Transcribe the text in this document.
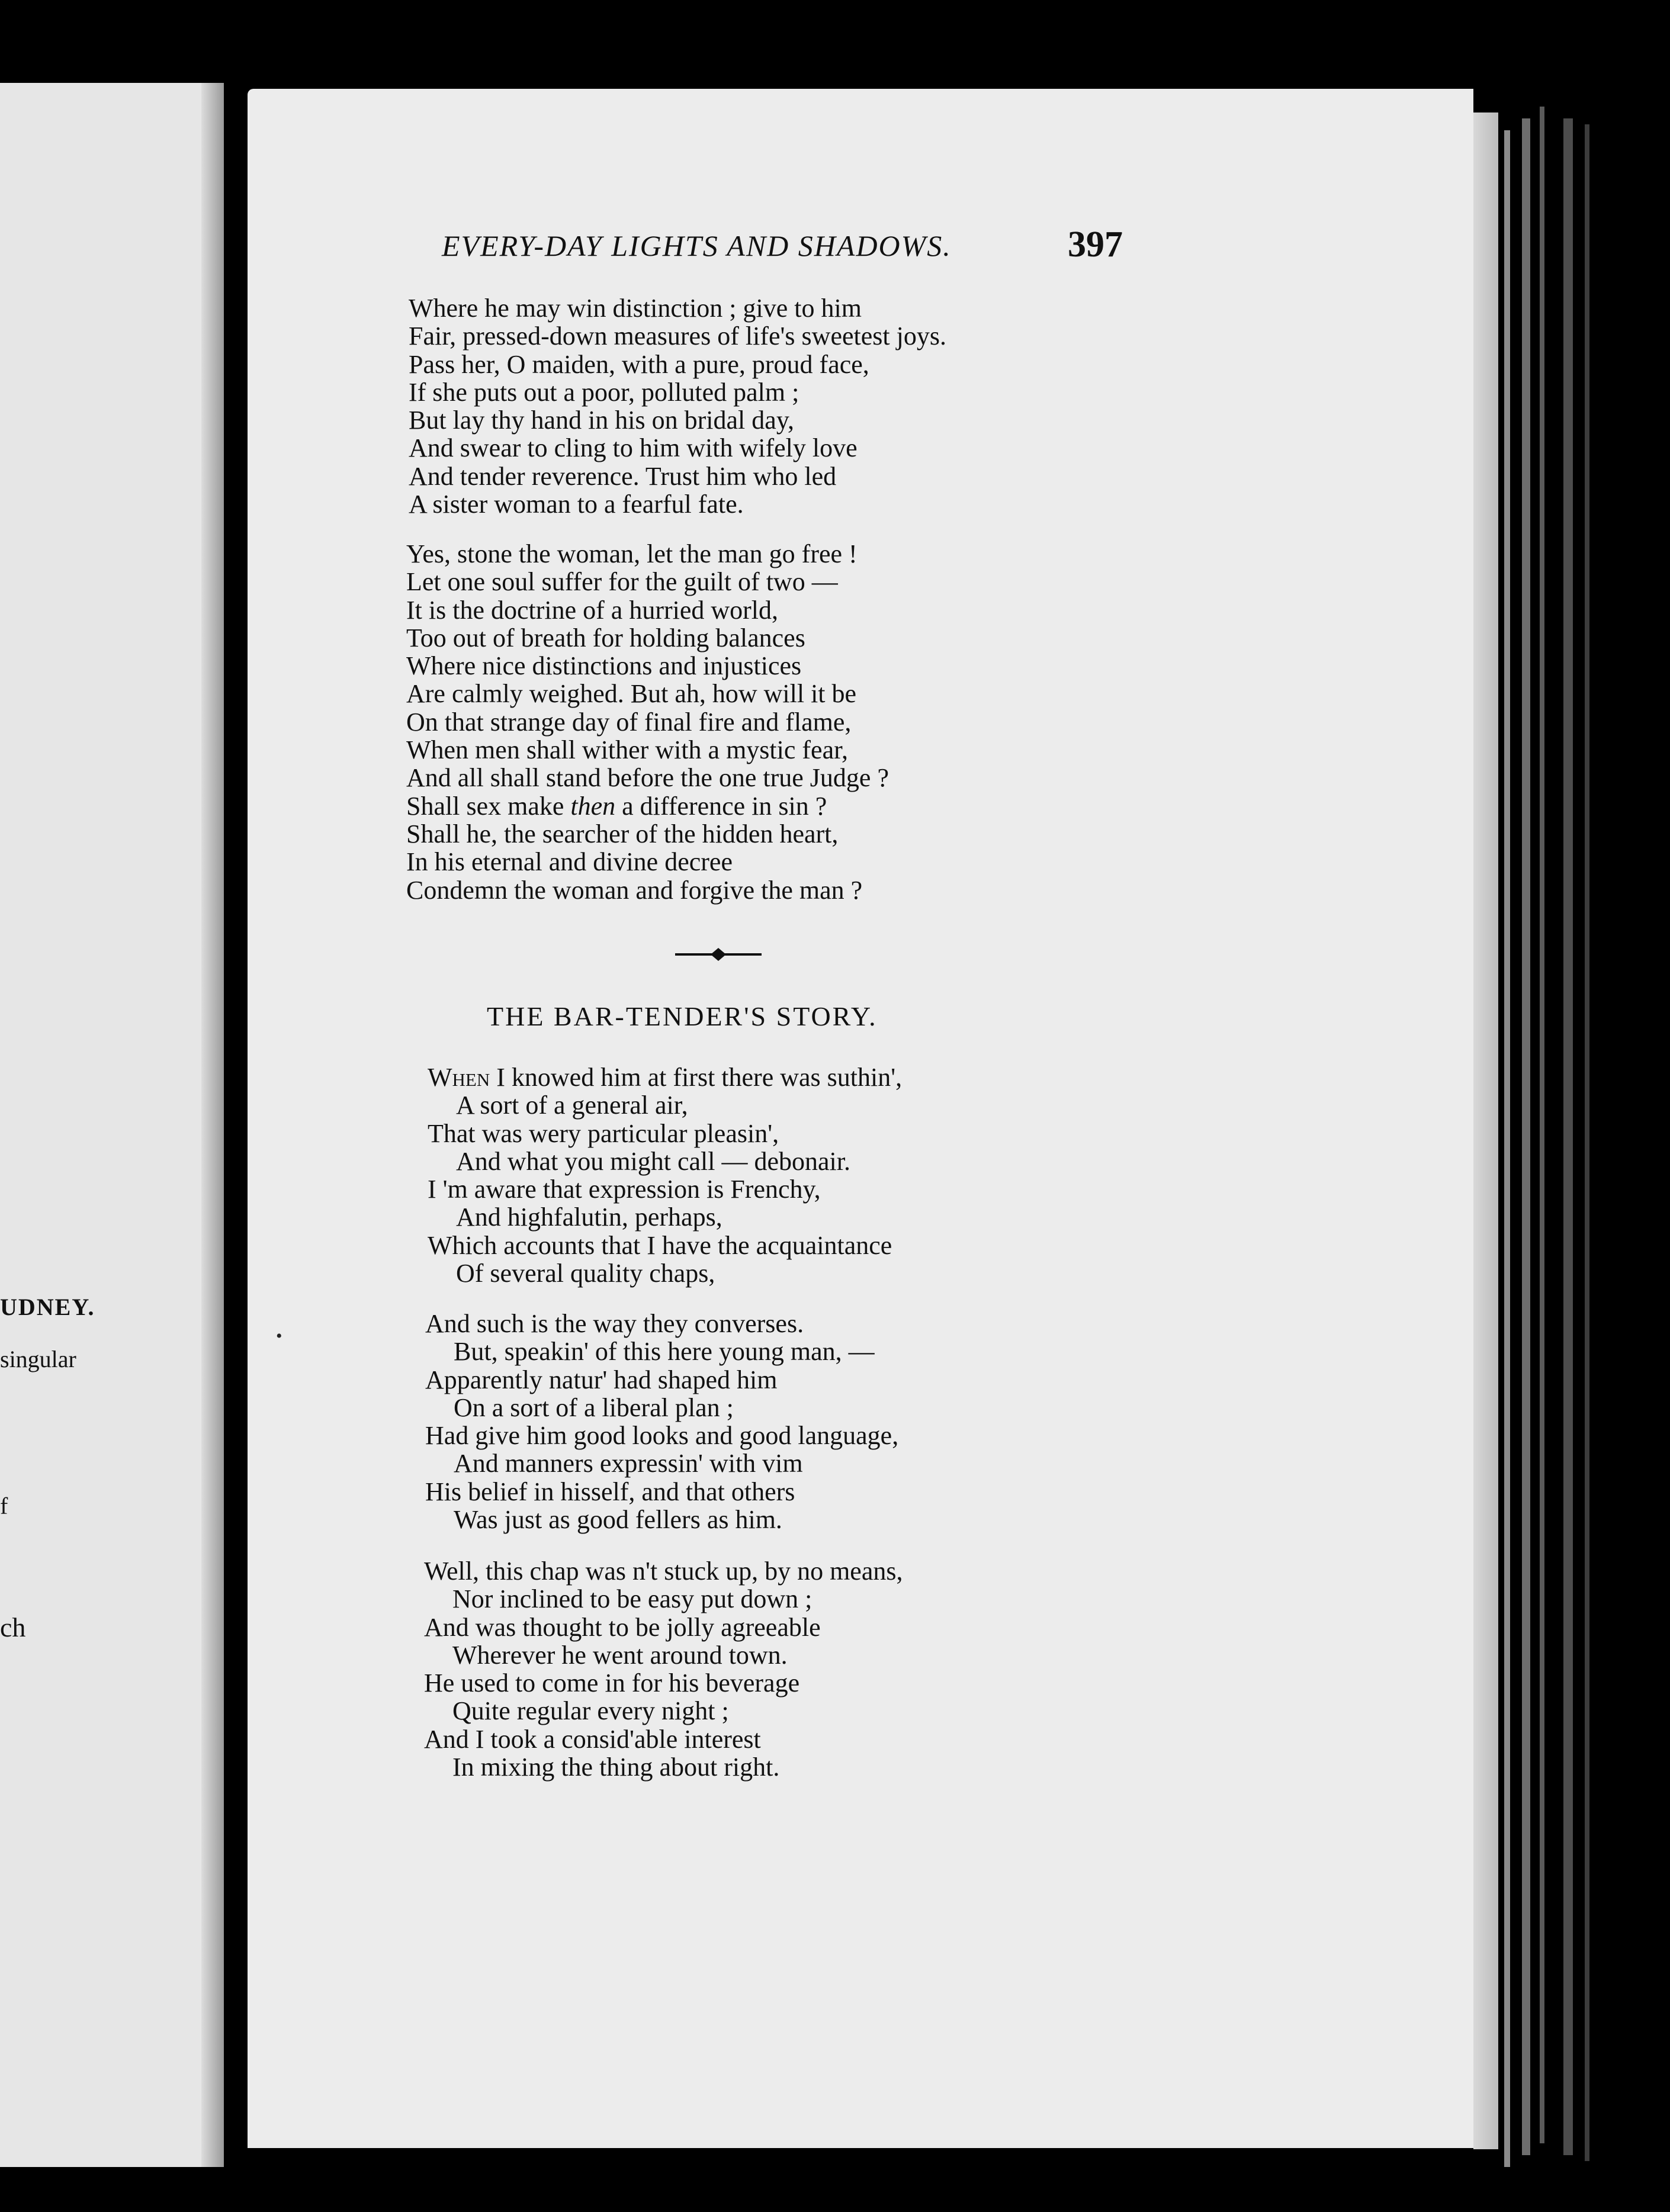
UDNEY.
singular
f
ch
EVERY-DAY LIGHTS AND SHADOWS.	397
Where he may win distinction ; give to him
Fair, pressed-down measures of life's sweetest joys.
Pass her, O maiden, with a pure, proud face,
If she puts out a poor, polluted palm ;
But lay thy hand in his on bridal day,
And swear to cling to him with wifely love
And tender reverence. Trust him who led
A sister woman to a fearful fate.
Yes, stone the woman, let the man go free !
Let one soul suffer for the guilt of two —
It is the doctrine of a hurried world,
Too out of breath for holding balances
Where nice distinctions and injustices
Are calmly weighed. But ah, how will it be
On that strange day of final fire and flame,
When men shall wither with a mystic fear,
And all shall stand before the one true Judge ?
Shall sex make then a difference in sin ?
Shall he, the searcher of the hidden heart,
In his eternal and divine decree
Condemn the woman and forgive the man ?
THE BAR-TENDER'S STORY.
When I knowed him at first there was suthin',
A sort of a general air,
That was wery particular pleasin',
And what you might call — debonair.
I 'm aware that expression is Frenchy,
And highfalutin, perhaps,
Which accounts that I have the acquaintance
Of several quality chaps,
And such is the way they converses.
But, speakin' of this here young man, —
Apparently natur' had shaped him
On a sort of a liberal plan ;
Had give him good looks and good language,
And manners expressin' with vim
His belief in hisself, and that others
Was just as good fellers as him.
Well, this chap was n't stuck up, by no means,
Nor inclined to be easy put down ;
And was thought to be jolly agreeable
Wherever he went around town.
He used to come in for his beverage
Quite regular every night ;
And I took a consid'able interest
In mixing the thing about right.
•
